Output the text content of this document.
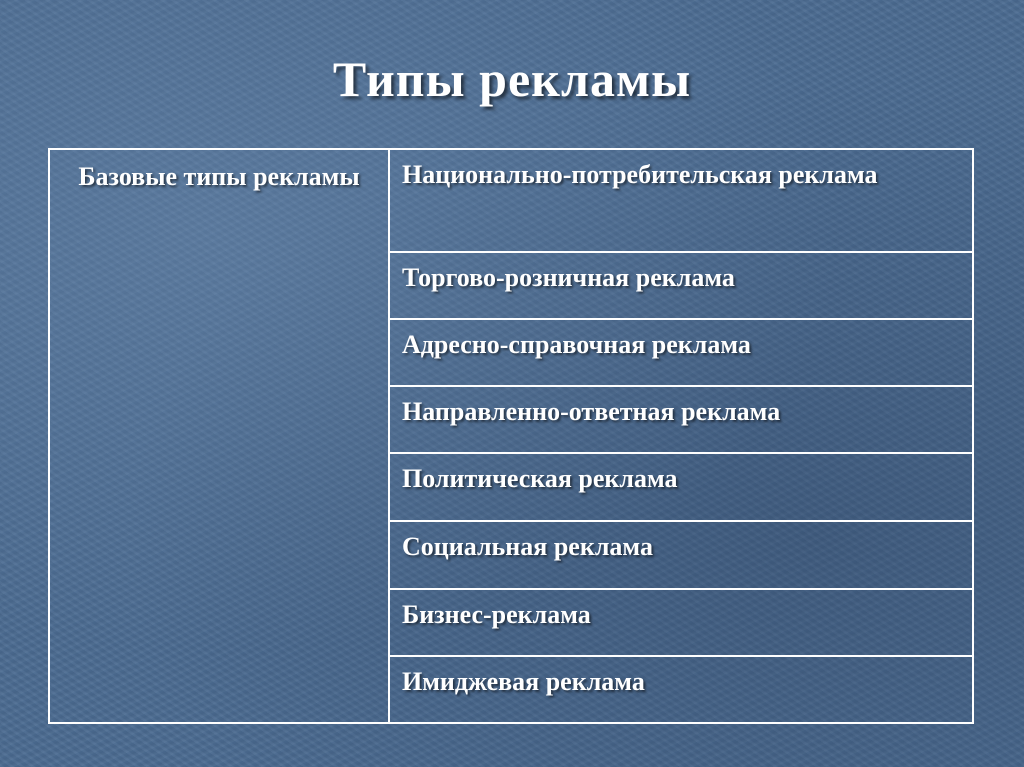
Типы рекламы
Базовые типы рекламы	Национально-потребительская реклама
Торгово-розничная реклама
Адресно-справочная реклама
Направленно-ответная реклама
Политическая реклама
Социальная реклама
Бизнес-реклама
Имиджевая реклама
